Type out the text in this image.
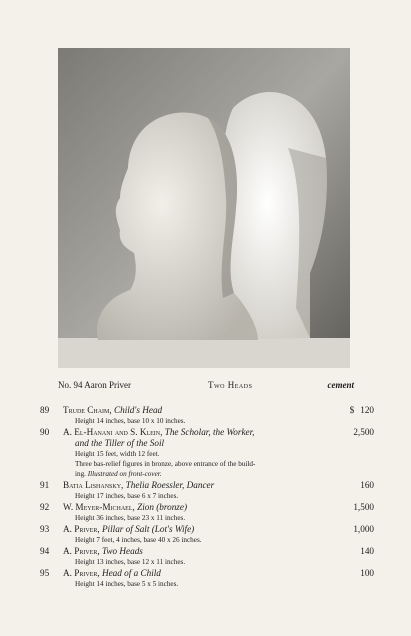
No. 94 Aaron Priver	Two Heads	cement
89	Trude Chaim, Child's Head
Height 14 inches, base 10 x 10 inches.
$ 120
90	A. El-Hanani and S. Klein, The Scholar, the Worker,
and the Tiller of the Soil
Height 15 feet, width 12 feet.
Three bas-relief figures in bronze, above entrance of the build-
ing. Illustrated on front-cover.
2,500
91	Batia Lishansky, Thelia Roessler, Dancer
Height 17 inches, base 6 x 7 inches.
160
92	W. Meyer-Michael, Zion (bronze)
Height 36 inches, base 23 x 11 inches.
1,500
93	A. Priver, Pillar of Salt (Lot's Wife)
Height 7 feet, 4 inches, base 40 x 26 inches.
1,000
94	A. Priver, Two Heads
Height 13 inches, base 12 x 11 inches.
140
95	A. Priver, Head of a Child
Height 14 inches, base 5 x 5 inches.
100
